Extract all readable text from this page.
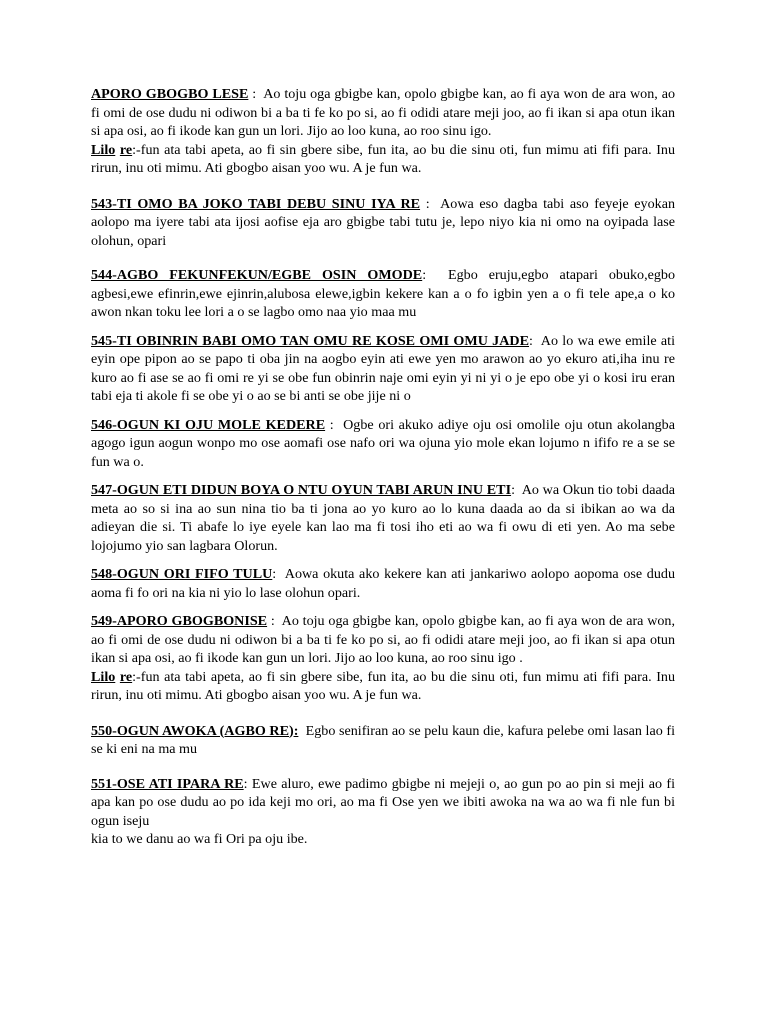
APORO GBOGBO LESE :  Ao toju oga gbigbe kan, opolo gbigbe kan, ao fi aya won de ara won, ao fi omi de ose dudu ni odiwon bi a ba ti fe ko po si, ao fi odidi atare meji joo, ao fi ikan si apa otun ikan si apa osi, ao fi ikode kan gun un lori. Jijo ao loo kuna, ao roo sinu igo.
Lilo re:-fun ata tabi apeta, ao fi sin gbere sibe, fun ita, ao bu die sinu oti, fun mimu ati fifi para. Inu rirun, inu oti mimu. Ati gbogbo aisan yoo wu. A je fun wa.

543-TI OMO BA JOKO TABI DEBU SINU IYA RE :  Aowa eso dagba tabi aso feyeje eyokan aolopo ma iyere tabi ata ijosi aofise eja aro gbigbe tabi tutu je, lepo niyo kia ni omo na oyipada lase olohun, opari

544-AGBO FEKUNFEKUN/EGBE OSIN OMODE:  Egbo eruju,egbo atapari obuko,egbo agbesi,ewe efinrin,ewe ejinrin,alubosa elewe,igbin kekere kan a o fo igbin yen a o fi tele ape,a o ko awon nkan toku lee lori a o se lagbo omo naa yio maa mu

545-TI OBINRIN BABI OMO TAN OMU RE KOSE OMI OMU JADE:  Ao lo wa ewe emile ati eyin ope pipon ao se papo ti oba jin na aogbo eyin ati ewe yen mo arawon ao yo ekuro ati,iha inu re kuro ao fi ase se ao fi omi re yi se obe fun obinrin naje omi eyin yi ni yi o je epo obe yi o kosi iru eran tabi eja ti akole fi se obe yi o ao se bi anti se obe jije ni o

546-OGUN KI OJU MOLE KEDERE :  Ogbe ori akuko adiye oju osi omolile oju otun akolangba agogo igun aogun wonpo mo ose aomafi ose nafo ori wa ojuna yio mole ekan lojumo n ififo re a se se fun wa o.

547-OGUN ETI DIDUN BOYA O NTU OYUN TABI ARUN INU ETI:  Ao wa Okun tio tobi daada meta ao so si ina ao sun nina tio ba ti jona ao yo kuro ao lo kuna daada ao da si ibikan ao wa da adieyan die si. Ti abafe lo iye eyele kan lao ma fi tosi iho eti ao wa fi owu di eti yen. Ao ma sebe lojojumo yio san lagbara Olorun.

548-OGUN ORI FIFO TULU:  Aowa okuta ako kekere kan ati jankariwo aolopo aopoma ose dudu aoma fi fo ori na kia ni yio lo lase olohun opari.

549-APORO GBOGBONISE :  Ao toju oga gbigbe kan, opolo gbigbe kan, ao fi aya won de ara won, ao fi omi de ose dudu ni odiwon bi a ba ti fe ko po si, ao fi odidi atare meji joo, ao fi ikan si apa otun ikan si apa osi, ao fi ikode kan gun un lori. Jijo ao loo kuna, ao roo sinu igo .
Lilo re:-fun ata tabi apeta, ao fi sin gbere sibe, fun ita, ao bu die sinu oti, fun mimu ati fifi para. Inu rirun, inu oti mimu. Ati gbogbo aisan yoo wu. A je fun wa.

550-OGUN AWOKA (AGBO RE): Egbo senifiran ao se pelu kaun die, kafura pelebe omi lasan lao fi se ki eni na ma mu

551-OSE ATI IPARA RE: Ewe aluro, ewe padimo gbigbe ni mejeji o, ao gun po ao pin si meji ao fi apa kan po ose dudu ao po ida keji mo ori, ao ma fi Ose yen we ibiti awoka na wa ao wa fi nle fun bi ogun iseju
kia to we danu ao wa fi Ori pa oju ibe.
